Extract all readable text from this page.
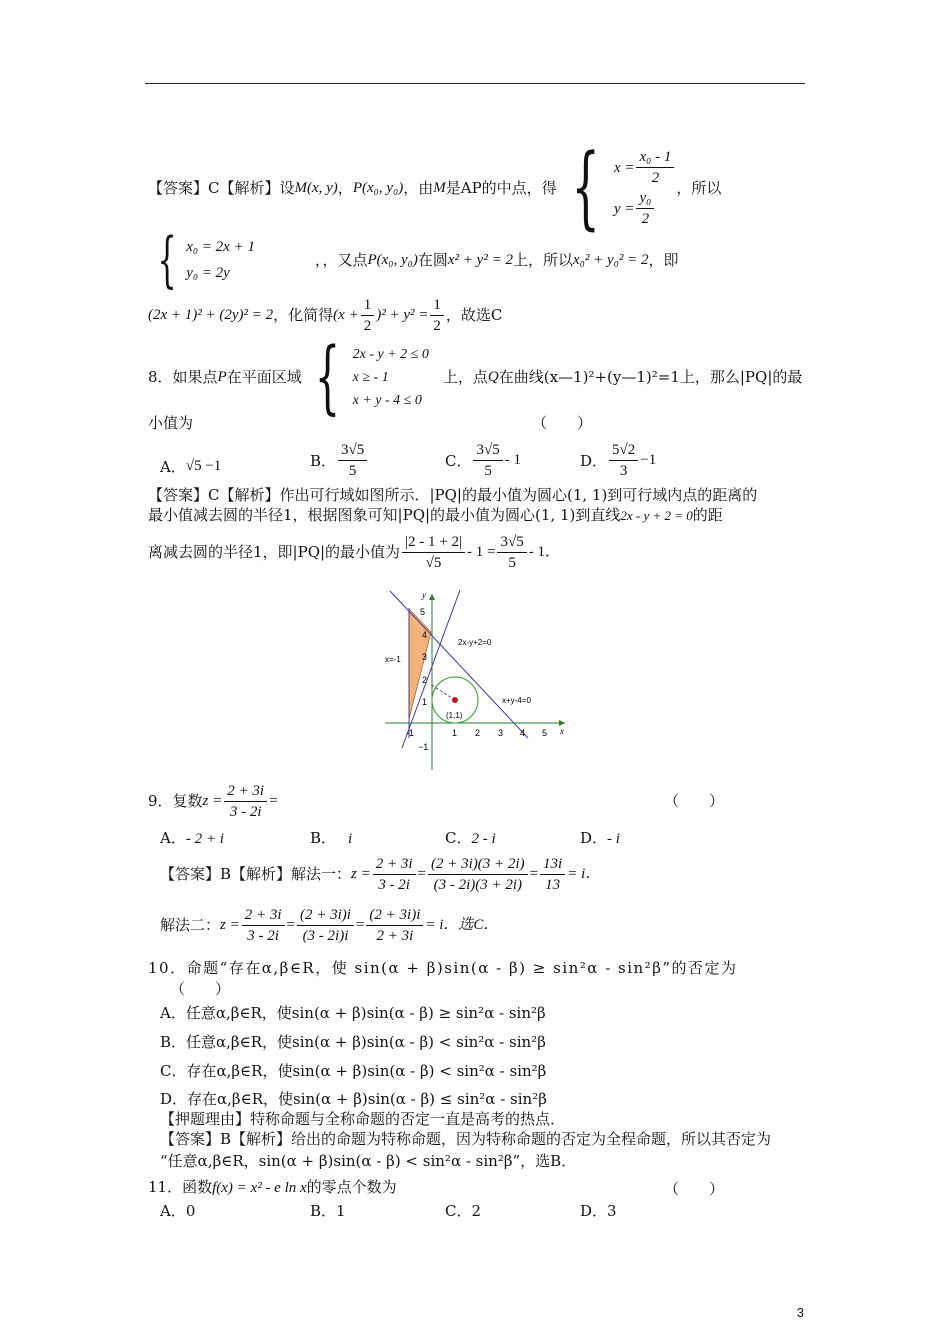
【答案】C【解析】设 M(x, y) ， P(x₀, y₀) ，由 M 是AP的中点，得 { $x = \frac{\text{x₀ - 1}}{2}$
$y = \frac{\text{y₀}}{2}$ ，所以
{ x₀ = 2x + 1
y₀ = 2y
，，又点 P(x₀, y₀) 在圆 x² + y² = 2 上，所以 x₀² + y₀² = 2 ，即
(2x + 1)² + (2y)² = 2 ，化简得 $(x + \frac{1}{2} )^2 + y^2 = \frac{1}{2}$ ，故选C
8．如果点 P 在平面区域 { 2x - y + 2 ≤ 0
x ≥ - 1
x + y - 4 ≤ 0
上，点 Q 在曲线(x—1)²+(y—1)²=1上，那么|PQ|的最
小值为	（　　）
A． √5 −1	B． $\frac{3√5}{5}$	C． $\frac{3√5}{5} - 1$	D． $\frac{5√2}{3} -1$
【答案】C【解析】作出可行域如图所示．|PQ|的最小值为圆心(1, 1)到可行域内点的距离的
最小值减去圆的半径1，根据图象可知|PQ|的最小值为圆心(1, 1)到直线2x - y + 2 = 0的距
离减去圆的半径1，即|PQ|的最小值为 $\frac{|2 - 1 + 2|}{√5} - 1 = \frac{3√5}{5} - 1$．
y
x
5
4
3
2
1
−1
-1	1 2 3 4 5
2x-y+2=0
x+y-4=0
x=-1
(1,1)
9．复数 $z = \frac{2 + 3i}{3 - 2i}$ =	（　　）
A．- 2 + i	B． i	C．2 - i	D．- i
【答案】B【解析】解法一： $z = \frac{2 + 3i}{3 - 2i} = \frac{(2 + 3i)(3 + 2i)}{(3 - 2i)(3 + 2i)} = \frac{13i}{13} = i$．
解法二： $z = \frac{2 + 3i}{3 - 2i} = \frac{(2 + 3i)i}{(3 - 2i)i} = \frac{(2 + 3i)i}{2 + 3i} = i$．选C．
10．命题“存在α,β∈R，使 sin(α + β)sin(α - β) ≥ sin²α - sin²β”的否定为
（　　）
A．任意α,β∈R，使sin(α + β)sin(α - β) ≥ sin²α - sin²β
B．任意α,β∈R，使sin(α + β)sin(α - β) < sin²α - sin²β
C．存在α,β∈R，使sin(α + β)sin(α - β) < sin²α - sin²β
D．存在α,β∈R，使sin(α + β)sin(α - β) ≤ sin²α - sin²β
【押题理由】特称命题与全称命题的否定一直是高考的热点．
【答案】B【解析】给出的命题为特称命题，因为特称命题的否定为全程命题，所以其否定为
“任意α,β∈R，sin(α + β)sin(α - β) < sin²α - sin²β”，选B．
11．函数f(x) = x² - e ln x的零点个数为	（　　）
A．0	B．1	C．2	D．3
3
